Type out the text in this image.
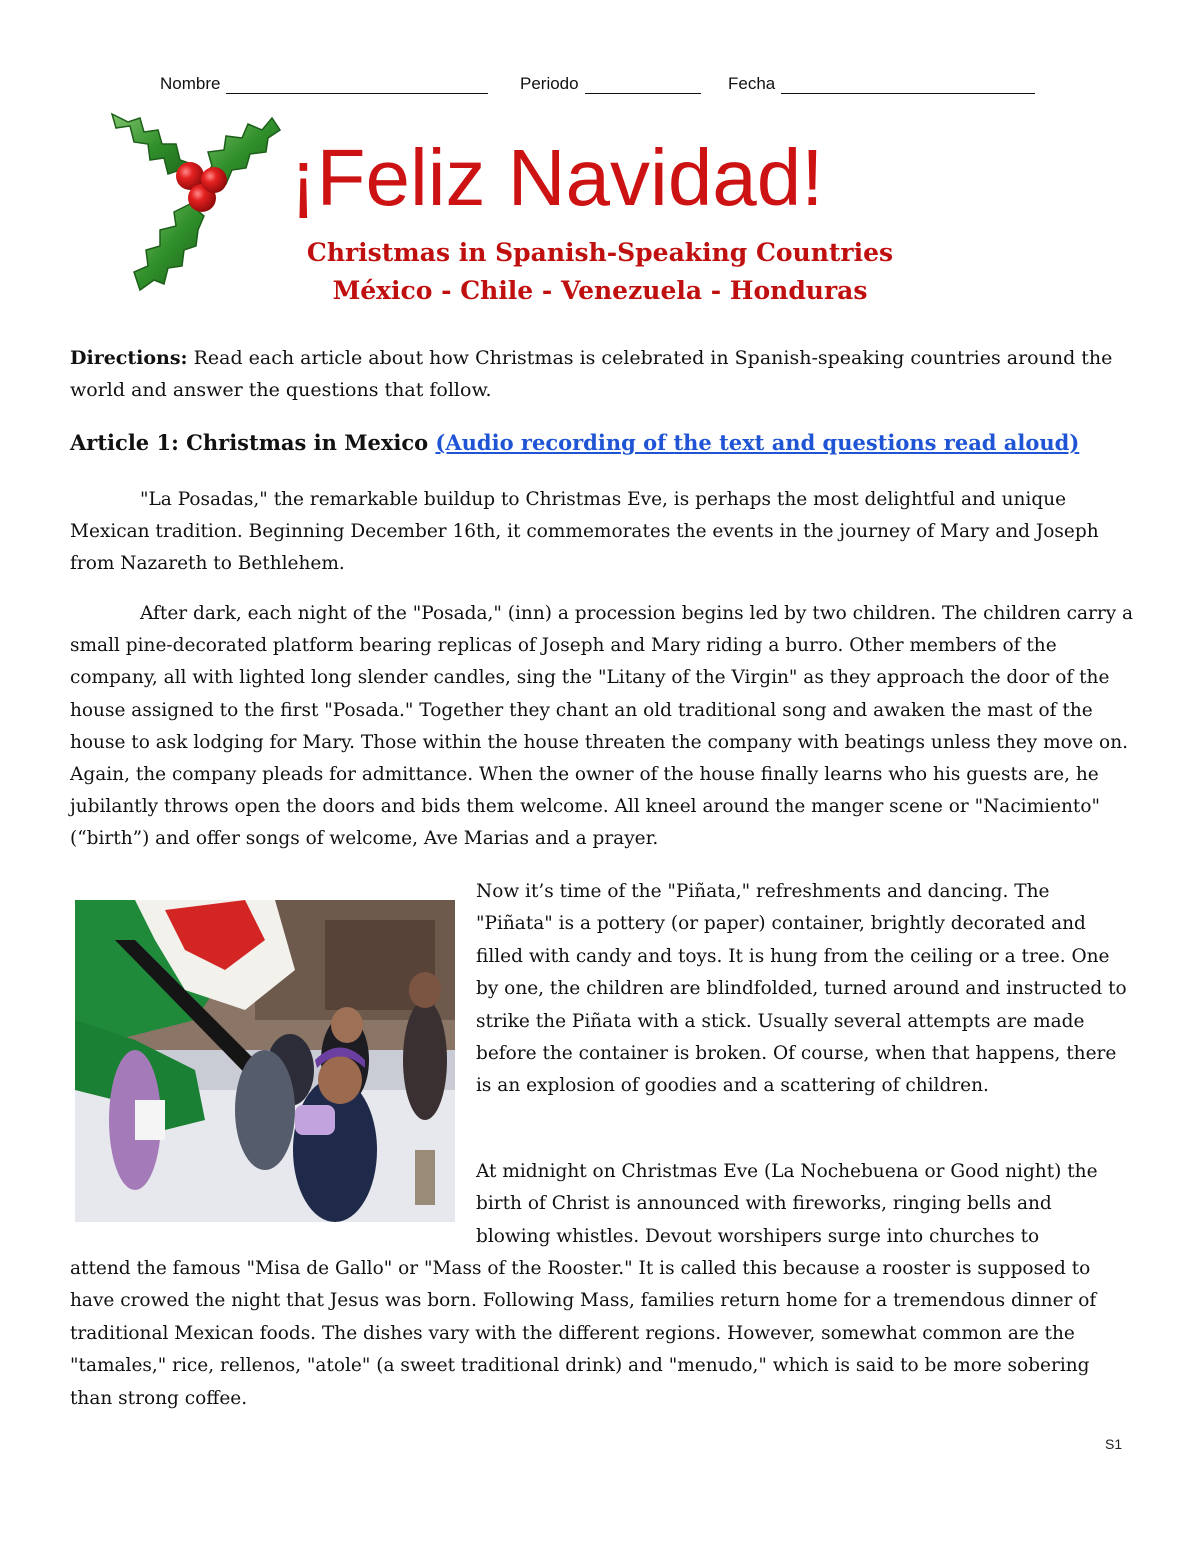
Nombre	Periodo	Fecha
¡Feliz Navidad!
Christmas in Spanish-Speaking Countries
México - Chile - Venezuela - Honduras

Directions: Read each article about how Christmas is celebrated in Spanish-speaking countries around the world and answer the questions that follow.

Article 1: Christmas in Mexico (Audio recording of the text and questions read aloud)

"La Posadas," the remarkable buildup to Christmas Eve, is perhaps the most delightful and unique Mexican tradition. Beginning December 16th, it commemorates the events in the journey of Mary and Joseph from Nazareth to Bethlehem.

After dark, each night of the "Posada," (inn) a procession begins led by two children. The children carry a small pine-decorated platform bearing replicas of Joseph and Mary riding a burro. Other members of the company, all with lighted long slender candles, sing the "Litany of the Virgin" as they approach the door of the house assigned to the first "Posada." Together they chant an old traditional song and awaken the mast of the house to ask lodging for Mary. Those within the house threaten the company with beatings unless they move on. Again, the company pleads for admittance. When the owner of the house finally learns who his guests are, he jubilantly throws open the doors and bids them welcome. All kneel around the manger scene or "Nacimiento" (“birth”) and offer songs of welcome, Ave Marias and a prayer.

Now it’s time of the "Piñata," refreshments and dancing. The "Piñata" is a pottery (or paper) container, brightly decorated and filled with candy and toys. It is hung from the ceiling or a tree. One by one, the children are blindfolded, turned around and instructed to strike the Piñata with a stick. Usually several attempts are made before the container is broken. Of course, when that happens, there is an explosion of goodies and a scattering of children.

At midnight on Christmas Eve (La Nochebuena or Good night) the birth of Christ is announced with fireworks, ringing bells and blowing whistles. Devout worshipers surge into churches to

attend the famous "Misa de Gallo" or "Mass of the Rooster." It is called this because a rooster is supposed to have crowed the night that Jesus was born. Following Mass, families return home for a tremendous dinner of traditional Mexican foods. The dishes vary with the different regions. However, somewhat common are the "tamales," rice, rellenos, "atole" (a sweet traditional drink) and "menudo," which is said to be more sobering than strong coffee.

S1
